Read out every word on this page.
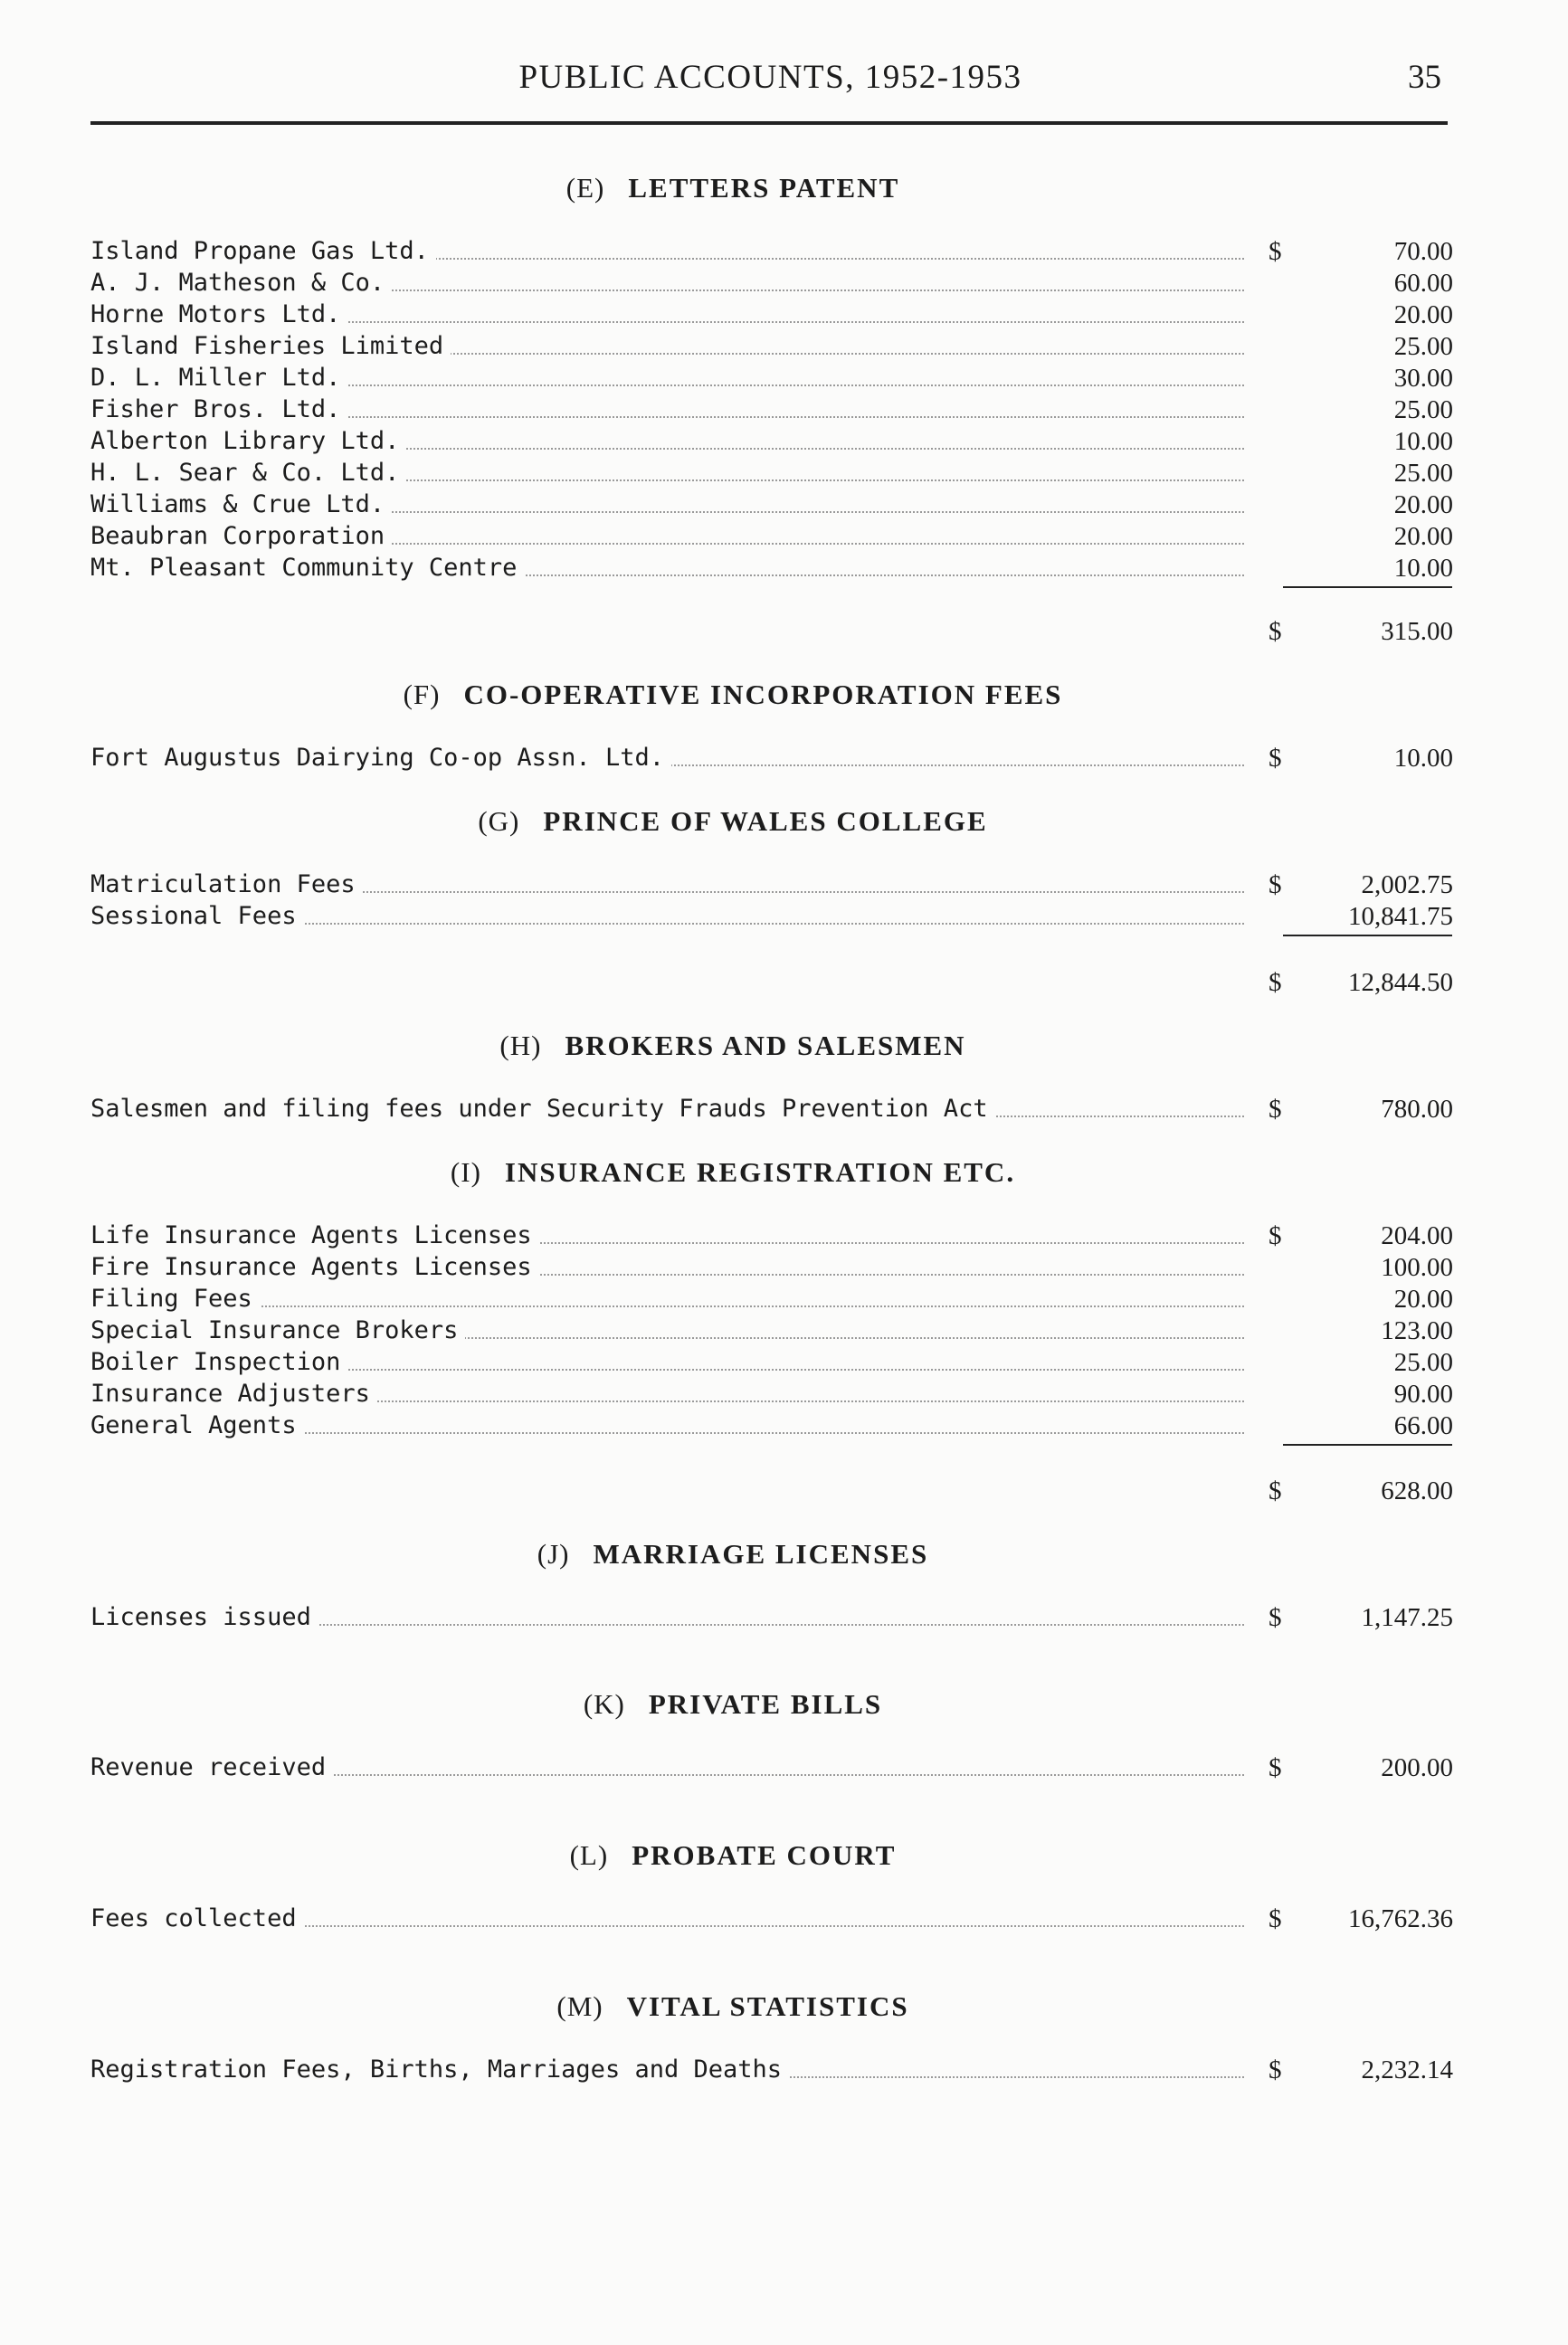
PUBLIC ACCOUNTS, 1952-1953	35
(E) LETTERS PATENT
Island Propane Gas Ltd.	$	70.00
A. J. Matheson & Co.	60.00
Horne Motors Ltd.	20.00
Island Fisheries Limited	25.00
D. L. Miller Ltd.	30.00
Fisher Bros. Ltd.	25.00
Alberton Library Ltd.	10.00
H. L. Sear & Co. Ltd.	25.00
Williams & Crue Ltd.	20.00
Beaubran Corporation	20.00
Mt. Pleasant Community Centre	10.00
$	315.00
(F) CO-OPERATIVE INCORPORATION FEES
Fort Augustus Dairying Co-op Assn. Ltd.	$	10.00
(G) PRINCE OF WALES COLLEGE
Matriculation Fees	$	2,002.75
Sessional Fees	10,841.75
$	12,844.50
(H) BROKERS AND SALESMEN
Salesmen and filing fees under Security Frauds Prevention Act	$	780.00
(I) INSURANCE REGISTRATION ETC.
Life Insurance Agents Licenses	$	204.00
Fire Insurance Agents Licenses	100.00
Filing Fees	20.00
Special Insurance Brokers	123.00
Boiler Inspection	25.00
Insurance Adjusters	90.00
General Agents	66.00
$	628.00
(J) MARRIAGE LICENSES
Licenses issued	$	1,147.25
(K) PRIVATE BILLS
Revenue received	$	200.00
(L) PROBATE COURT
Fees collected	$	16,762.36
(M) VITAL STATISTICS
Registration Fees, Births, Marriages and Deaths	$	2,232.14
